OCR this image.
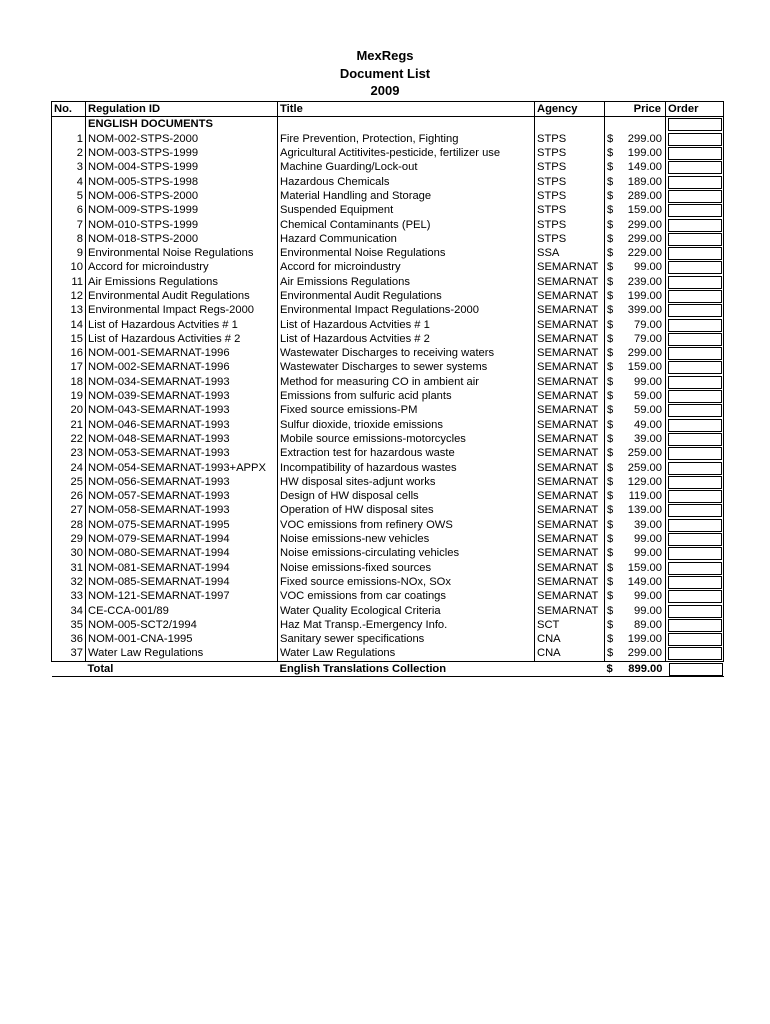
MexRegs
Document List
2009
No.	Regulation ID	Title	Agency	Price	Order
	ENGLISH DOCUMENTS				

1	NOM-002-STPS-2000	Fire Prevention, Protection, Fighting	STPS	$ 299.00	

2	NOM-003-STPS-1999	Agricultural Actitivites-pesticide, fertilizer use	STPS	$ 199.00	

3	NOM-004-STPS-1999	Machine Guarding/Lock-out	STPS	$ 149.00	

4	NOM-005-STPS-1998	Hazardous Chemicals	STPS	$ 189.00	

5	NOM-006-STPS-2000	Material Handling and Storage	STPS	$ 289.00	

6	NOM-009-STPS-1999	Suspended Equipment	STPS	$ 159.00	

7	NOM-010-STPS-1999	Chemical Contaminants (PEL)	STPS	$ 299.00	

8	NOM-018-STPS-2000	Hazard Communication	STPS	$ 299.00	

9	Environmental Noise Regulations	Environmental Noise Regulations	SSA	$ 229.00	

10	Accord for microindustry	Accord for microindustry	SEMARNAT	$ 99.00	

11	Air Emissions Regulations	Air Emissions Regulations	SEMARNAT	$ 239.00	

12	Environmental Audit Regulations	Environmental Audit Regulations	SEMARNAT	$ 199.00	

13	Environmental Impact Regs-2000	Environmental Impact Regulations-2000	SEMARNAT	$ 399.00	

14	List of Hazardous Actvities # 1	List of Hazardous Actvities # 1	SEMARNAT	$ 79.00	

15	List of Hazardous Activities # 2	List of Hazardous Actvities # 2	SEMARNAT	$ 79.00	

16	NOM-001-SEMARNAT-1996	Wastewater Discharges to receiving waters	SEMARNAT	$ 299.00	

17	NOM-002-SEMARNAT-1996	Wastewater Discharges to sewer systems	SEMARNAT	$ 159.00	

18	NOM-034-SEMARNAT-1993	Method for measuring CO in ambient air	SEMARNAT	$ 99.00	

19	NOM-039-SEMARNAT-1993	Emissions from sulfuric acid plants	SEMARNAT	$ 59.00	

20	NOM-043-SEMARNAT-1993	Fixed source emissions-PM	SEMARNAT	$ 59.00	

21	NOM-046-SEMARNAT-1993	Sulfur dioxide, trioxide emissions	SEMARNAT	$ 49.00	

22	NOM-048-SEMARNAT-1993	Mobile source emissions-motorcycles	SEMARNAT	$ 39.00	

23	NOM-053-SEMARNAT-1993	Extraction test for hazardous waste	SEMARNAT	$ 259.00	

24	NOM-054-SEMARNAT-1993+APPX	Incompatibility of hazardous wastes	SEMARNAT	$ 259.00	

25	NOM-056-SEMARNAT-1993	HW disposal sites-adjunt works	SEMARNAT	$ 129.00	

26	NOM-057-SEMARNAT-1993	Design of HW disposal cells	SEMARNAT	$ 119.00	

27	NOM-058-SEMARNAT-1993	Operation of HW disposal sites	SEMARNAT	$ 139.00	

28	NOM-075-SEMARNAT-1995	VOC emissions from refinery OWS	SEMARNAT	$ 39.00	

29	NOM-079-SEMARNAT-1994	Noise emissions-new vehicles	SEMARNAT	$ 99.00	

30	NOM-080-SEMARNAT-1994	Noise emissions-circulating vehicles	SEMARNAT	$ 99.00	

31	NOM-081-SEMARNAT-1994	Noise emissions-fixed sources	SEMARNAT	$ 159.00	

32	NOM-085-SEMARNAT-1994	Fixed source emissions-NOx, SOx	SEMARNAT	$ 149.00	

33	NOM-121-SEMARNAT-1997	VOC emissions from car coatings	SEMARNAT	$ 99.00	

34	CE-CCA-001/89	Water Quality Ecological Criteria	SEMARNAT	$ 99.00	

35	NOM-005-SCT2/1994	Haz Mat Transp.-Emergency Info.	SCT	$ 89.00	

36	NOM-001-CNA-1995	Sanitary sewer specifications	CNA	$ 199.00	

37	Water Law Regulations	Water Law Regulations	CNA	$ 299.00	

	Total	English Translations Collection		$ 899.00	
